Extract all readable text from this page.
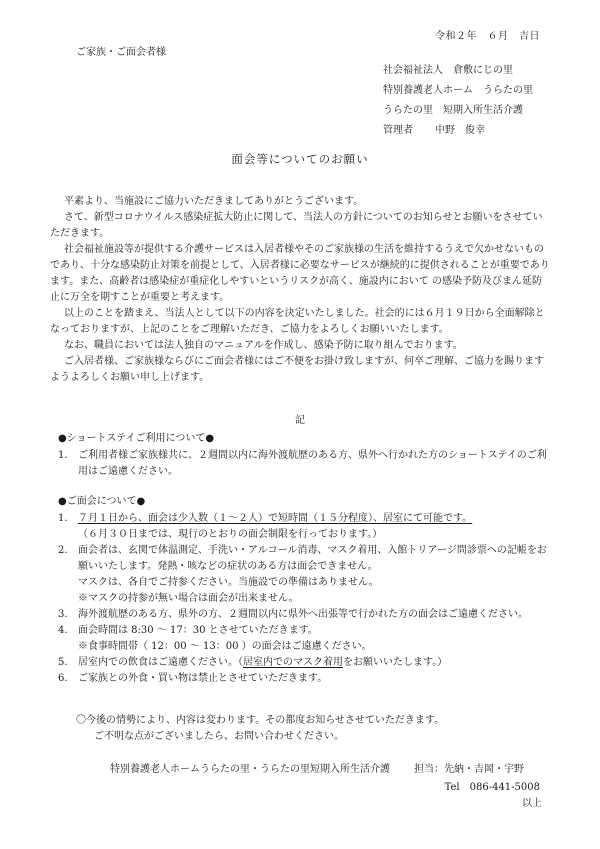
令和２年　６月　吉日
ご家族・ご面会者様
社会福祉法人　倉敷にじの里
特別養護老人ホーム　うらたの里
うらたの里　短期入所生活介護
管理者 中野　俊幸
面会等についてのお願い

平素より、当施設にご協力いただきましてありがとうございます。

さて、新型コロナウイルス感染症拡大防止に関して、当法人の方針についてのお知らせとお願いをさせていただきます。

社会福祉施設等が提供する介護サービスは入居者様やそのご家族様の生活を維持するうえで欠かせないものであり、十分な感染防止対策を前提として、入居者様に必要なサービスが継続的に提供されることが重要であります。また、高齢者は感染症が重症化しやすいというリスクが高く、施設内において の感染予防及びまん延防止に万全を期すことが重要と考えます。

以上のことを踏まえ、当法人として以下の内容を決定いたしました。社会的には６月１９日から全面解除となっておりますが、上記のことをご理解いただき、ご協力をよろしくお願いいたします。

なお、職員においては法人独自のマニュアルを作成し、感染予防に取り組んでおります。

ご入居者様、ご家族様ならびにご面会者様にはご不便をお掛け致しますが、何卒ご理解、ご協力を賜りますようよろしくお願い申し上げます。

記
●ショートステイご利用について●
1. ご利用者様ご家族様共に、２週間以内に海外渡航歴のある方、県外へ行かれた方のショートステイのご利用はご遠慮ください。
●ご面会について●
1. ７月１日から、面会は少人数（１～２人）で短時間（１５分程度）、居室にて可能です。
（６月３０日までは、現行のとおりの面会制限を行っております。）
2. 面会者は、玄関で体温測定、手洗い・アルコール消毒、マスク着用、入館トリアージ問診票への記帳をお願いいたします。発熱・咳などの症状のある方は面会できません。
マスクは、各自でご持参ください。当施設での準備はありません。
※マスクの持参が無い場合は面会が出来ません。
3. 海外渡航歴のある方、県外の方、２週間以内に県外へ出張等で行かれた方の面会はご遠慮ください。
4. 面会時間は 8:30 ～ 17：30 とさせていただきます。
※食事時間帯（ 12：00 ～ 13：00 ）の面会はご遠慮ください。
5. 居室内での飲食はご遠慮ください。（居室内でのマスク着用をお願いいたします。）
6. ご家族との外食・買い物は禁止とさせていただきます。
〇今後の情勢により、内容は変わります。その都度お知らせさせていただきます。
ご不明な点がございましたら、お問い合わせください。
特別養護老人ホームうらたの里・うらたの里短期入所生活介護 担当：先納・吉岡・宇野
Tel 086-441-5008
以上
